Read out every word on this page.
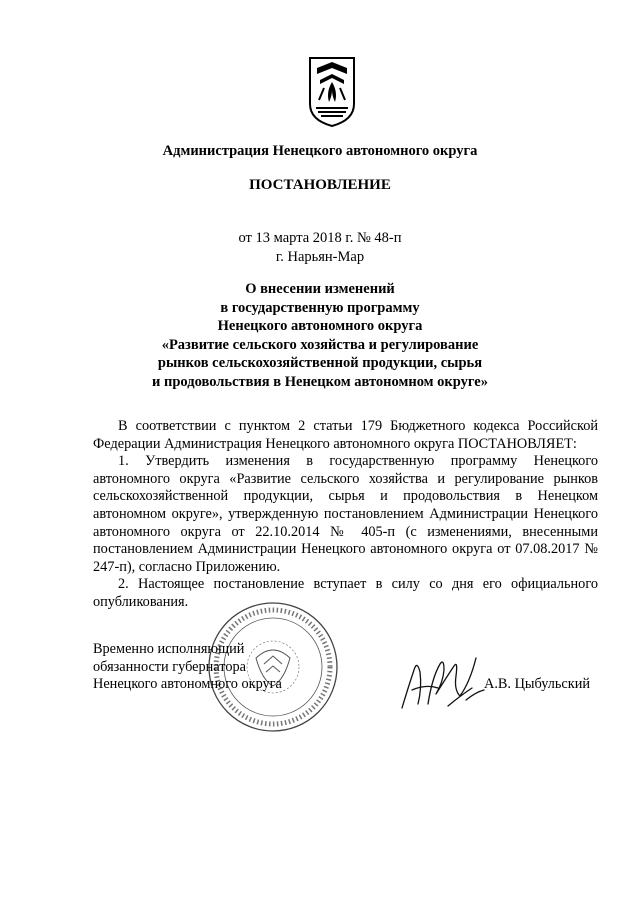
Администрация Ненецкого автономного округа
ПОСТАНОВЛЕНИЕ
от 13 марта 2018 г. № 48-п
г. Нарьян-Мар
О внесении изменений
в государственную программу
Ненецкого автономного округа
«Развитие сельского хозяйства и регулирование
рынков сельскохозяйственной продукции, сырья
и продовольствия в Ненецком автономном округе»

В соответствии с пунктом 2 статьи 179 Бюджетного кодекса Российской Федерации Администрация Ненецкого автономного округа ПОСТАНОВЛЯЕТ:

1. Утвердить изменения в государственную программу Ненецкого автономного округа «Развитие сельского хозяйства и регулирование рынков сельскохозяйственной продукции, сырья и продовольствия в Ненецком автономном округе», утвержденную постановлением Администрации Ненецкого автономного округа от 22.10.2014 № 405-п (с изменениями, внесенными постановлением Администрации Ненецкого автономного округа от 07.08.2017 № 247-п), согласно Приложению.

2. Настоящее постановление вступает в силу со дня его официального опубликования.

Временно исполняющий
обязанности губернатора
Ненецкого автономного округа	А.В. Цыбульский
